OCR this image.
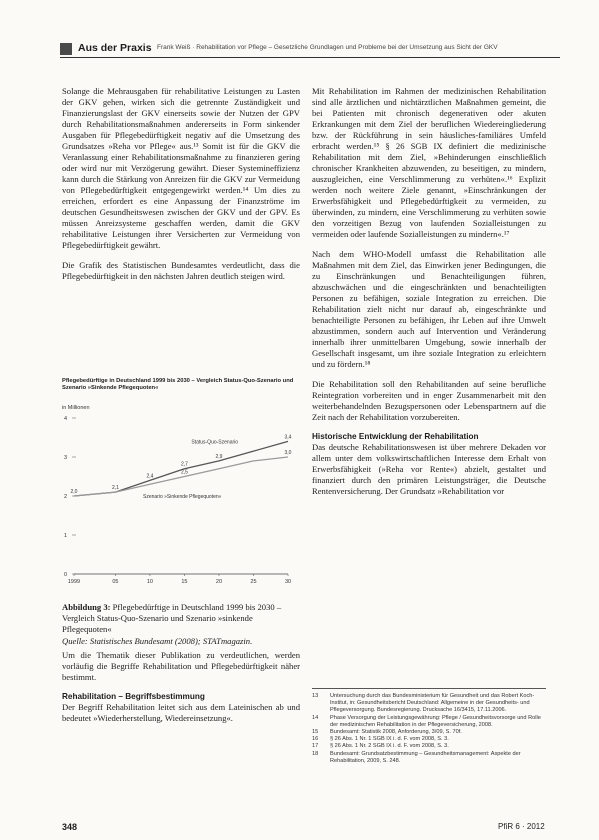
Aus der Praxis Frank Weiß · Rehabilitation vor Pflege – Gesetzliche Grundlagen und Probleme bei der Umsetzung aus Sicht der GKV

Solange die Mehrausgaben für rehabilitative Leistungen zu Lasten der GKV gehen, wirken sich die getrennte Zuständigkeit und Finanzierungslast der GKV einerseits sowie der Nutzen der GPV durch Rehabilitationsmaßnahmen andererseits in Form sinkender Ausgaben für Pflegebedürftigkeit negativ auf die Umsetzung des Grundsatzes »Reha vor Pflege« aus.¹³ Somit ist für die GKV die Veranlassung einer Rehabilitationsmaßnahme zu finanzieren gering oder wird nur mit Verzögerung gewährt. Dieser Systemineffizienz kann durch die Stärkung von Anreizen für die GKV zur Vermeidung von Pflegebedürftigkeit entgegengewirkt werden.¹⁴ Um dies zu erreichen, erfordert es eine Anpassung der Finanzströme im deutschen Gesundheitswesen zwischen der GKV und der GPV. Es müssen Anreizsysteme geschaffen werden, damit die GKV rehabilitative Leistungen ihrer Versicherten zur Vermeidung von Pflegebedürftigkeit gewährt.

Die Grafik des Statistischen Bundesamtes verdeutlicht, dass die Pflegebedürftigkeit in den nächsten Jahren deutlich steigen wird.

Pflegebedürftige in Deutschland 1999 bis 2030 – Vergleich Status-Quo-Szenario und Szenario »Sinkende Pflegequoten«
in Millionen
0
1
2
3
4
1999	05	10	15	20	25	30
Status-Quo-Szenario
Szenario »Sinkende Pflegequoten«
2,0
2,1
2,4
2,5
2,7
2,9
3,4
3,0
Abbildung 3: Pflegebedürftige in Deutschland 1999 bis 2030 – Vergleich Status-Quo-Szenario und Szenario »sinkende Pflegequoten«
Quelle: Statistisches Bundesamt (2008); STATmagazin.

Um die Thematik dieser Publikation zu verdeutlichen, werden vorläufig die Begriffe Rehabilitation und Pflegebedürftigkeit näher bestimmt.

Rehabilitation – Begriffsbestimmung

Der Begriff Rehabilitation leitet sich aus dem Lateinischen ab und bedeutet »Wiederherstellung, Wiedereinsetzung«.

Mit Rehabilitation im Rahmen der medizinischen Rehabilitation sind alle ärztlichen und nichtärztlichen Maßnahmen gemeint, die bei Patienten mit chronisch degenerativen oder akuten Erkrankungen mit dem Ziel der beruflichen Wiedereingliederung bzw. der Rückführung in sein häusliches-familiäres Umfeld erbracht werden.¹⁵ § 26 SGB IX definiert die medizinische Rehabilitation mit dem Ziel, »Behinderungen einschließlich chronischer Krankheiten abzuwenden, zu beseitigen, zu mindern, auszugleichen, eine Verschlimmerung zu verhüten«.¹⁶ Explizit werden noch weitere Ziele genannt, »Einschränkungen der Erwerbsfähigkeit und Pflegebedürftigkeit zu vermeiden, zu überwinden, zu mindern, eine Verschlimmerung zu verhüten sowie den vorzeitigen Bezug von laufenden Sozialleistungen zu vermeiden oder laufende Sozialleistungen zu mindern«.¹⁷

Nach dem WHO-Modell umfasst die Rehabilitation alle Maßnahmen mit dem Ziel, das Einwirken jener Bedingungen, die zu Einschränkungen und Benachteiligungen führen, abzuschwächen und die eingeschränkten und benachteiligten Personen zu befähigen, soziale Integration zu erreichen. Die Rehabilitation zielt nicht nur darauf ab, eingeschränkte und benachteiligte Personen zu befähigen, ihr Leben auf ihre Umwelt abzustimmen, sondern auch auf Intervention und Veränderung innerhalb ihrer unmittelbaren Umgebung, sowie innerhalb der Gesellschaft insgesamt, um ihre soziale Integration zu erleichtern und zu fördern.¹⁸

Die Rehabilitation soll den Rehabilitanden auf seine berufliche Reintegration vorbereiten und in enger Zusammenarbeit mit den weiterbehandelnden Bezugspersonen oder Lebenspartnern auf die Zeit nach der Rehabilitation vorzubereiten.

Historische Entwicklung der Rehabilitation

Das deutsche Rehabilitationswesen ist über mehrere Dekaden vor allem unter dem volkswirtschaftlichen Interesse dem Erhalt von Erwerbsfähigkeit (»Reha vor Rente«) abzielt, gestaltet und finanziert durch den primären Leistungsträger, die Deutsche Rentenversicherung. Der Grundsatz »Rehabilitation vor

13 Untersuchung durch das Bundesministerium für Gesundheit und das Robert Koch-Institut, in: Gesundheitsbericht Deutschland: Allgemeine in der Gesundheits- und Pflegeversorgung. Bundesregierung. Drucksache 16/3415, 17.11.2006.
14 Phase Versorgung der Leistungsgewährung: Pflege / Gesundheitsvorsorge und Rolle der medizinischen Rehabilitation in der Pflegeversicherung, 2008.
15 Bundesamt: Statistik 2008, Anforderung, 3/09, S. 70f.
16 § 26 Abs. 1 Nr. 1 SGB IX i. d. F. vom 2008, S. 3.
17 § 26 Abs. 1 Nr. 2 SGB IX i. d. F. vom 2008, S. 3.
18 Bundesamt: Grundsatzbestimmung – Gesundheitsmanagement: Aspekte der Rehabilitation, 2009, S. 248.
348	PfiR 6 · 2012
